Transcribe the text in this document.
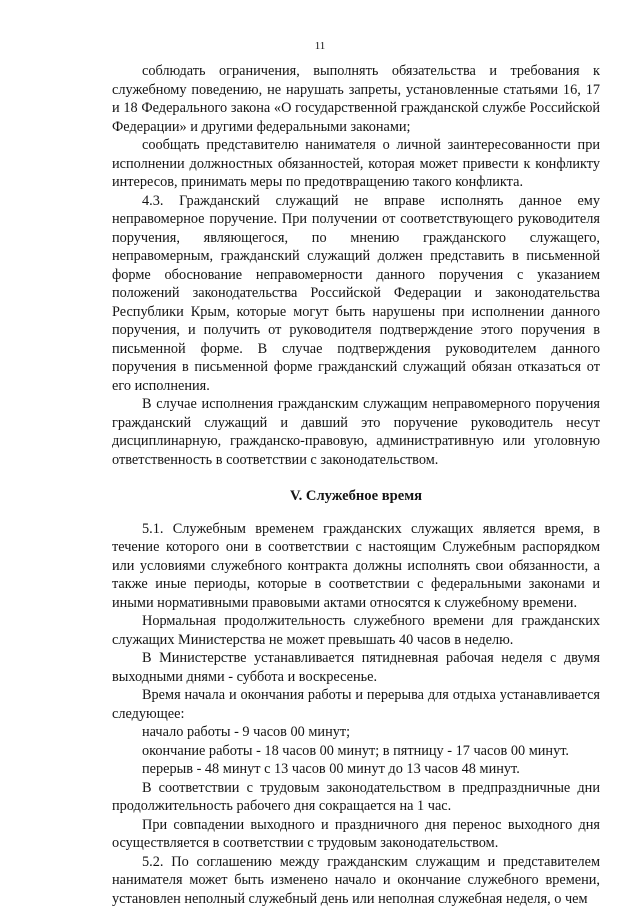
11

соблюдать ограничения, выполнять обязательства и требования к служебному поведению, не нарушать запреты, установленные статьями 16, 17 и 18 Федерального закона «О государственной гражданской службе Российской Федерации» и другими федеральными законами;

сообщать представителю нанимателя о личной заинтересованности при исполнении должностных обязанностей, которая может привести к конфликту интересов, принимать меры по предотвращению такого конфликта.

4.3. Гражданский служащий не вправе исполнять данное ему неправомерное поручение. При получении от соответствующего руководителя поручения, являющегося, по мнению гражданского служащего, неправомерным, гражданский служащий должен представить в письменной форме обоснование неправомерности данного поручения с указанием положений законодательства Российской Федерации и законодательства Республики Крым, которые могут быть нарушены при исполнении данного поручения, и получить от руководителя подтверждение этого поручения в письменной форме. В случае подтверждения руководителем данного поручения в письменной форме гражданский служащий обязан отказаться от его исполнения.

В случае исполнения гражданским служащим неправомерного поручения гражданский служащий и давший это поручение руководитель несут дисциплинарную, гражданско-правовую, административную или уголовную ответственность в соответствии с законодательством.

V. Служебное время

5.1. Служебным временем гражданских служащих является время, в течение которого они в соответствии с настоящим Служебным распорядком или условиями служебного контракта должны исполнять свои обязанности, а также иные периоды, которые в соответствии с федеральными законами и иными нормативными правовыми актами относятся к служебному времени.

Нормальная продолжительность служебного времени для гражданских служащих Министерства не может превышать 40 часов в неделю.

В Министерстве устанавливается пятидневная рабочая неделя с двумя выходными днями - суббота и воскресенье.

Время начала и окончания работы и перерыва для отдыха устанавливается следующее:

начало работы - 9 часов 00 минут;

окончание работы - 18 часов 00 минут; в пятницу - 17 часов 00 минут.

перерыв - 48 минут с 13 часов 00 минут до 13 часов 48 минут.

В соответствии с трудовым законодательством в предпраздничные дни продолжительность рабочего дня сокращается на 1 час.

При совпадении выходного и праздничного дня перенос выходного дня осуществляется в соответствии с трудовым законодательством.

5.2. По соглашению между гражданским служащим и представителем нанимателя может быть изменено начало и окончание служебного времени, установлен неполный служебный день или неполная служебная неделя, о чем
